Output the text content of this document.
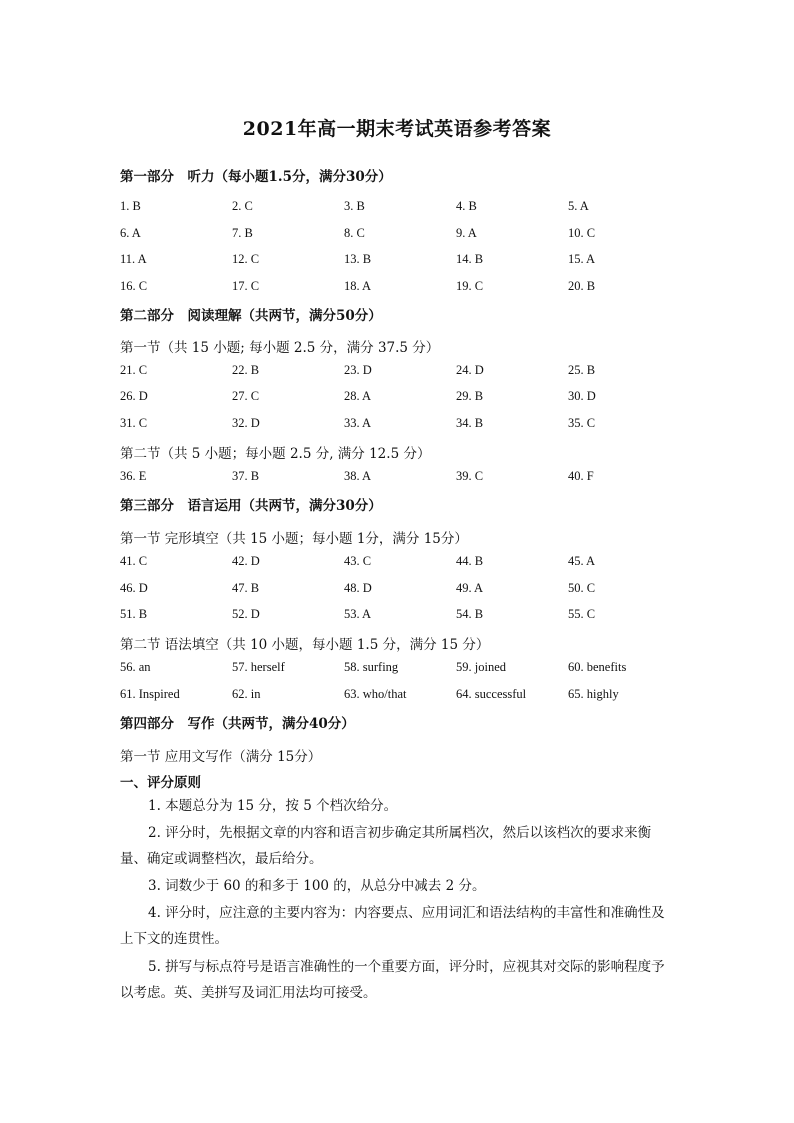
2021年高一期末考试英语参考答案
第一部分　听力（每小题1.5分，满分30分）
1. B	2. C	3. B	4. B	5. A
6. A	7. B	8. C	9. A	10. C
11. A	12. C	13. B	14. B	15. A
16. C	17. C	18. A	19. C	20. B
第二部分　阅读理解（共两节，满分50分）
第一节（共 15 小题; 每小题 2.5 分，满分 37.5 分）
21. C	22. B	23. D	24. D	25. B
26. D	27. C	28. A	29. B	30. D
31. C	32. D	33. A	34. B	35. C
第二节（共 5 小题；每小题 2.5 分, 满分 12.5 分）
36. E	37. B	38. A	39. C	40. F
第三部分　语言运用（共两节，满分30分）
第一节 完形填空（共 15 小题；每小题 1分，满分 15分）
41. C	42. D	43. C	44. B	45. A
46. D	47. B	48. D	49. A	50. C
51. B	52. D	53. A	54. B	55. C
第二节 语法填空（共 10 小题，每小题 1.5 分，满分 15 分）
56. an	57. herself	58. surfing	59. joined	60. benefits
61. Inspired	62. in	63. who/that	64. successful	65. highly
第四部分　写作（共两节，满分40分）
第一节 应用文写作（满分 15分）
一、评分原则
1. 本题总分为 15 分，按 5 个档次给分。
2. 评分时，先根据文章的内容和语言初步确定其所属档次，然后以该档次的要求来衡量、确定或调整档次，最后给分。
3. 词数少于 60 的和多于 100 的，从总分中减去 2 分。
4. 评分时，应注意的主要内容为：内容要点、应用词汇和语法结构的丰富性和准确性及上下文的连贯性。
5. 拼写与标点符号是语言准确性的一个重要方面，评分时，应视其对交际的影响程度予以考虑。英、美拼写及词汇用法均可接受。
